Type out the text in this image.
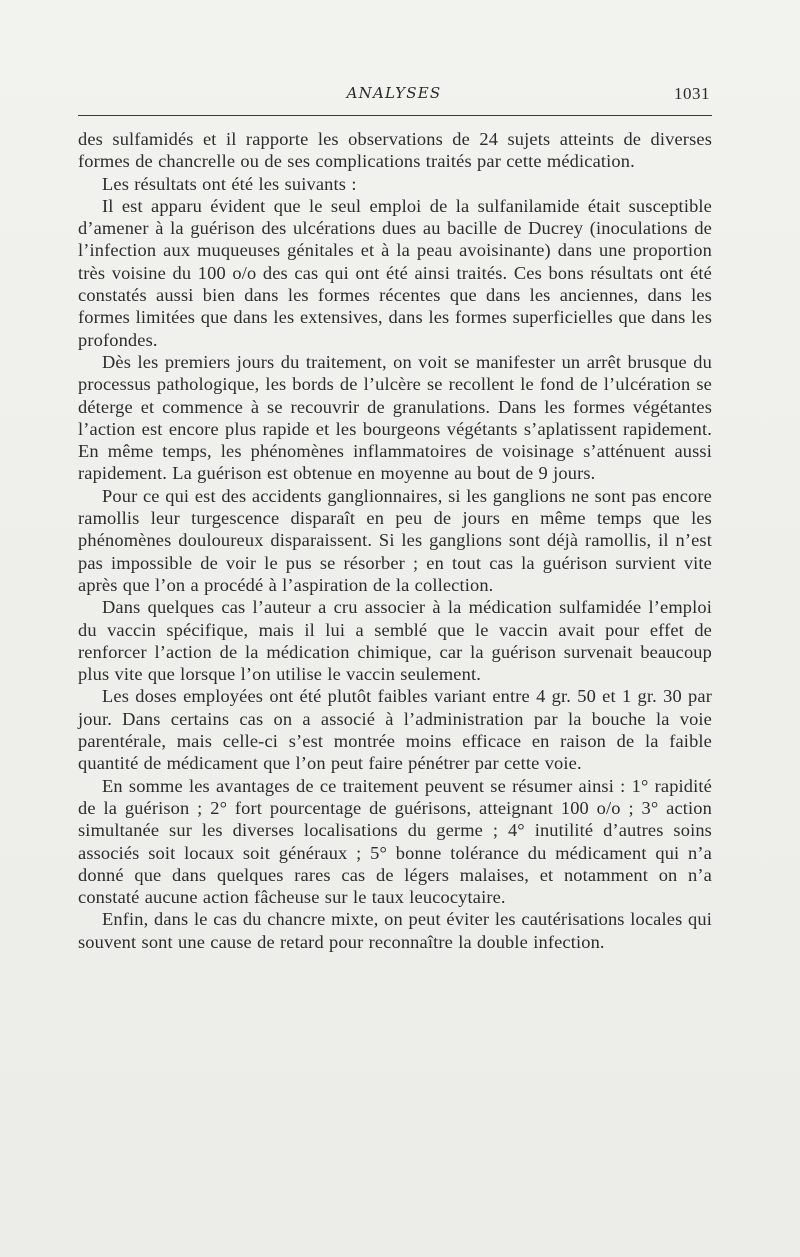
ANALYSES	1031

des sulfamidés et il rapporte les observations de 24 sujets atteints de diverses formes de chancrelle ou de ses complications traités par cette médication.

Les résultats ont été les suivants :

Il est apparu évident que le seul emploi de la sulfanilamide était susceptible d’amener à la guérison des ulcérations dues au bacille de Ducrey (inoculations de l’infection aux muqueuses génitales et à la peau avoisinante) dans une proportion très voisine du 100 o/o des cas qui ont été ainsi traités. Ces bons résultats ont été constatés aussi bien dans les formes récentes que dans les anciennes, dans les formes limitées que dans les extensives, dans les formes superficielles que dans les profondes.

Dès les premiers jours du traitement, on voit se manifester un arrêt brusque du processus pathologique, les bords de l’ulcère se recollent le fond de l’ulcération se déterge et commence à se recouvrir de granulations. Dans les formes végétantes l’action est encore plus rapide et les bourgeons végétants s’aplatissent rapidement. En même temps, les phénomènes inflammatoires de voisinage s’atténuent aussi rapidement. La guérison est obtenue en moyenne au bout de 9 jours.

Pour ce qui est des accidents ganglionnaires, si les ganglions ne sont pas encore ramollis leur turgescence disparaît en peu de jours en même temps que les phénomènes douloureux disparaissent. Si les ganglions sont déjà ramollis, il n’est pas impossible de voir le pus se résorber ; en tout cas la guérison survient vite après que l’on a procédé à l’aspiration de la collection.

Dans quelques cas l’auteur a cru associer à la médication sulfamidée l’emploi du vaccin spécifique, mais il lui a semblé que le vaccin avait pour effet de renforcer l’action de la médication chimique, car la guérison survenait beaucoup plus vite que lorsque l’on utilise le vaccin seulement.

Les doses employées ont été plutôt faibles variant entre 4 gr. 50 et 1 gr. 30 par jour. Dans certains cas on a associé à l’administration par la bouche la voie parentérale, mais celle-ci s’est montrée moins efficace en raison de la faible quantité de médicament que l’on peut faire pénétrer par cette voie.

En somme les avantages de ce traitement peuvent se résumer ainsi : 1° rapidité de la guérison ; 2° fort pourcentage de guérisons, atteignant 100 o/o ; 3° action simultanée sur les diverses localisations du germe ; 4° inutilité d’autres soins associés soit locaux soit généraux ; 5° bonne tolérance du médicament qui n’a donné que dans quelques rares cas de légers malaises, et notamment on n’a constaté aucune action fâcheuse sur le taux leucocytaire.

Enfin, dans le cas du chancre mixte, on peut éviter les cautérisations locales qui souvent sont une cause de retard pour reconnaître la double infection.
